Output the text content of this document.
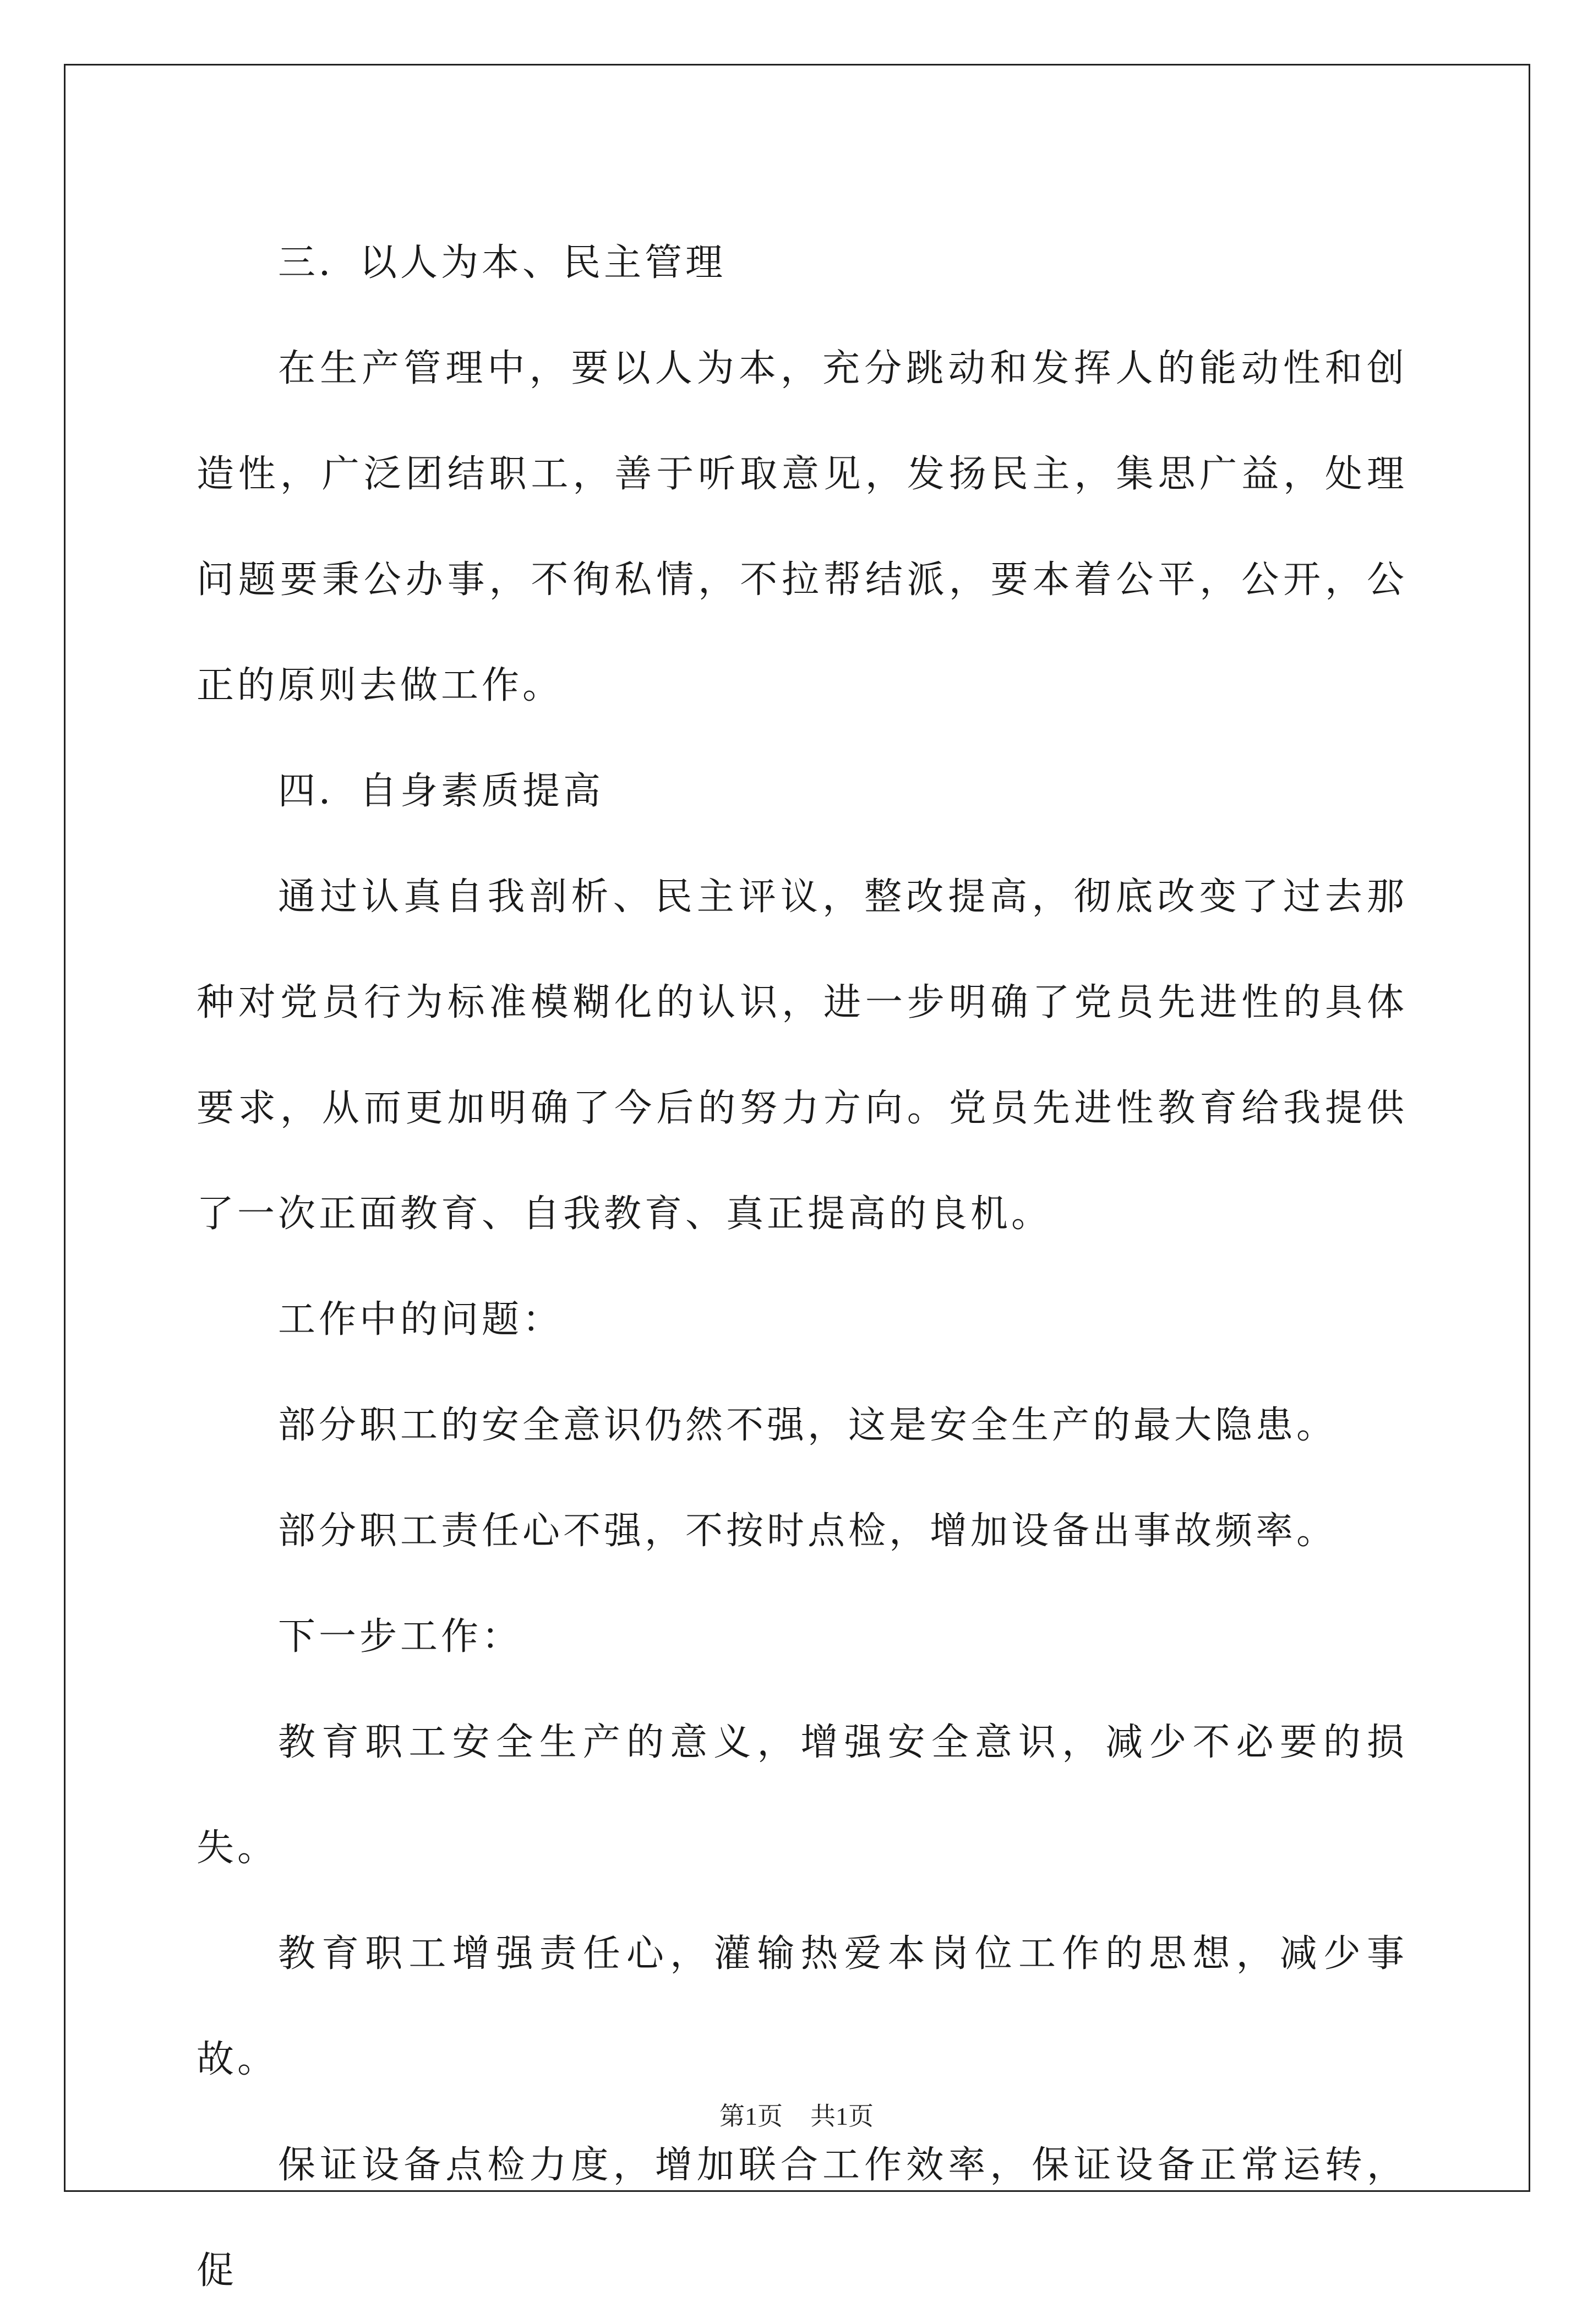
三．以人为本、民主管理

在生产管理中，要以人为本，充分跳动和发挥人的能动性和创造性，广泛团结职工，善于听取意见，发扬民主，集思广益，处理问题要秉公办事，不徇私情，不拉帮结派，要本着公平，公开，公正的原则去做工作。

四．自身素质提高

通过认真自我剖析、民主评议，整改提高，彻底改变了过去那种对党员行为标准模糊化的认识，进一步明确了党员先进性的具体要求，从而更加明确了今后的努力方向。党员先进性教育给我提供了一次正面教育、自我教育、真正提高的良机。

工作中的问题：

部分职工的安全意识仍然不强，这是安全生产的最大隐患。

部分职工责任心不强，不按时点检，增加设备出事故频率。

下一步工作：

教育职工安全生产的意义，增强安全意识，减少不必要的损失。

教育职工增强责任心，灌输热爱本岗位工作的思想，减少事故。

保证设备点检力度，增加联合工作效率，保证设备正常运转，促

第1页 共1页
